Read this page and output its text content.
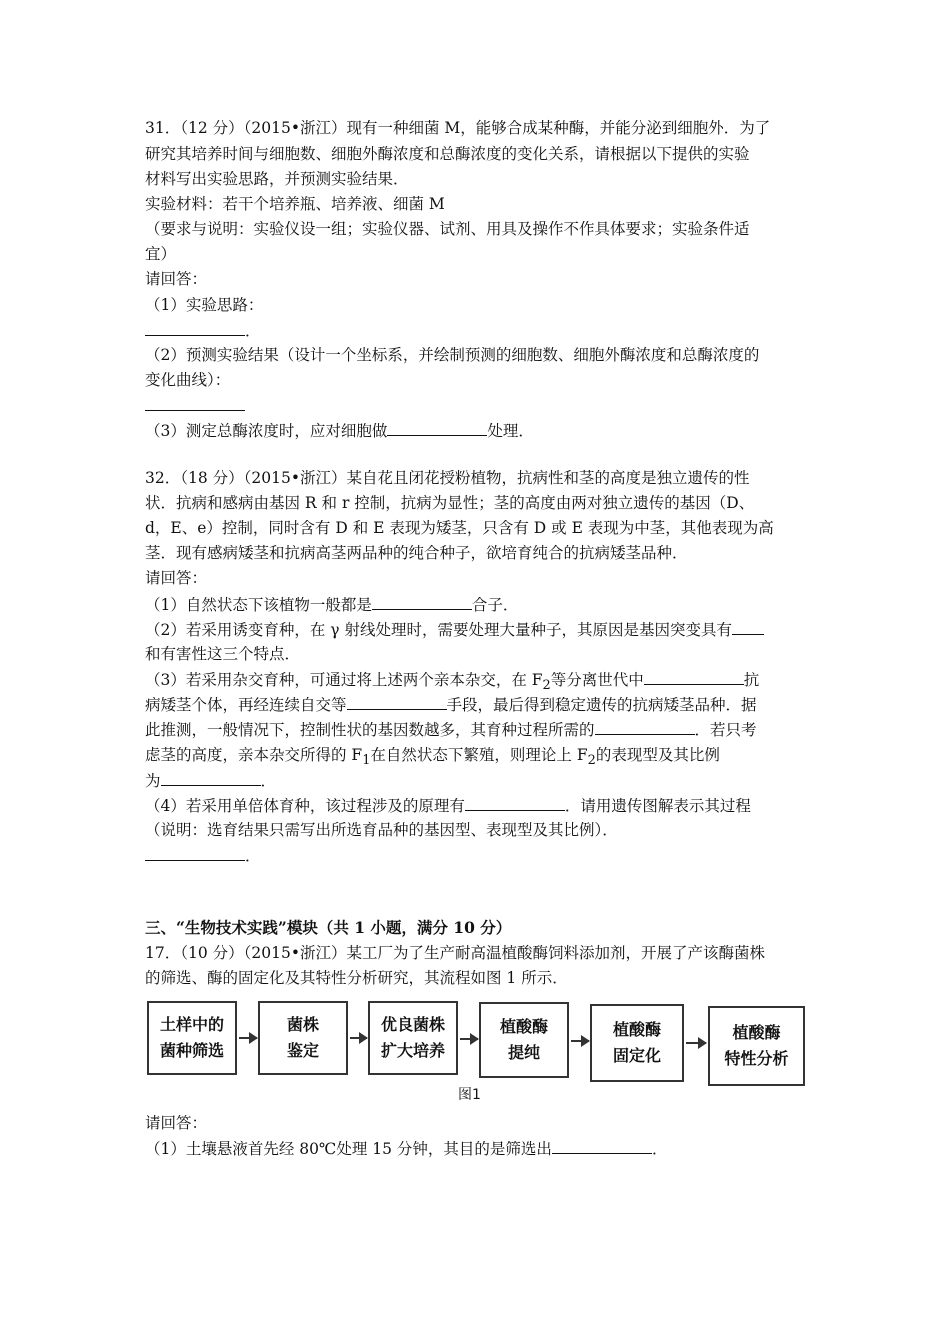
31．（12 分）（2015•浙江）现有一种细菌 M，能够合成某种酶，并能分泌到细胞外．为了
研究其培养时间与细胞数、细胞外酶浓度和总酶浓度的变化关系，请根据以下提供的实验
材料写出实验思路，并预测实验结果．
实验材料：若干个培养瓶、培养液、细菌 M
（要求与说明：实验仪设一组；实验仪器、试剂、用具及操作不作具体要求；实验条件适
宜）
请回答：
（1）实验思路：
．
（2）预测实验结果（设计一个坐标系，并绘制预测的细胞数、细胞外酶浓度和总酶浓度的
变化曲线）：
（3）测定总酶浓度时，应对细胞做	处理．
32．（18 分）（2015•浙江）某自花且闭花授粉植物，抗病性和茎的高度是独立遗传的性
状．抗病和感病由基因 R 和 r 控制，抗病为显性；茎的高度由两对独立遗传的基因（D、
d，E、e）控制，同时含有 D 和 E 表现为矮茎，只含有 D 或 E 表现为中茎，其他表现为高
茎．现有感病矮茎和抗病高茎两品种的纯合种子，欲培育纯合的抗病矮茎品种．
请回答：
（1）自然状态下该植物一般都是	合子．
（2）若采用诱变育种，在 γ 射线处理时，需要处理大量种子，其原因是基因突变具有
和有害性这三个特点．
（3）若采用杂交育种，可通过将上述两个亲本杂交，在 $F_2$等分离世代中	抗
病矮茎个体，再经连续自交等	手段，最后得到稳定遗传的抗病矮茎品种．据
此推测，一般情况下，控制性状的基因数越多，其育种过程所需的	．若只考
虑茎的高度，亲本杂交所得的 $F_1$在自然状态下繁殖，则理论上 $F_2$的表现型及其比例
为	．
（4）若采用单倍体育种，该过程涉及的原理有	．请用遗传图解表示其过程
（说明：选育结果只需写出所选育品种的基因型、表现型及其比例）．
．
三、“生物技术实践”模块（共 1 小题，满分 10 分）
17．（10 分）（2015•浙江）某工厂为了生产耐高温植酸酶饲料添加剂，开展了产该酶菌株
的筛选、酶的固定化及其特性分析研究，其流程如图 1 所示．
土样中的
菌种筛选
菌株
鉴定
优良菌株
扩大培养
植酸酶
提纯
植酸酶
固定化
植酸酶
特性分析
图1
请回答：
（1）土壤悬液首先经 80℃处理 15 分钟，其目的是筛选出	．
